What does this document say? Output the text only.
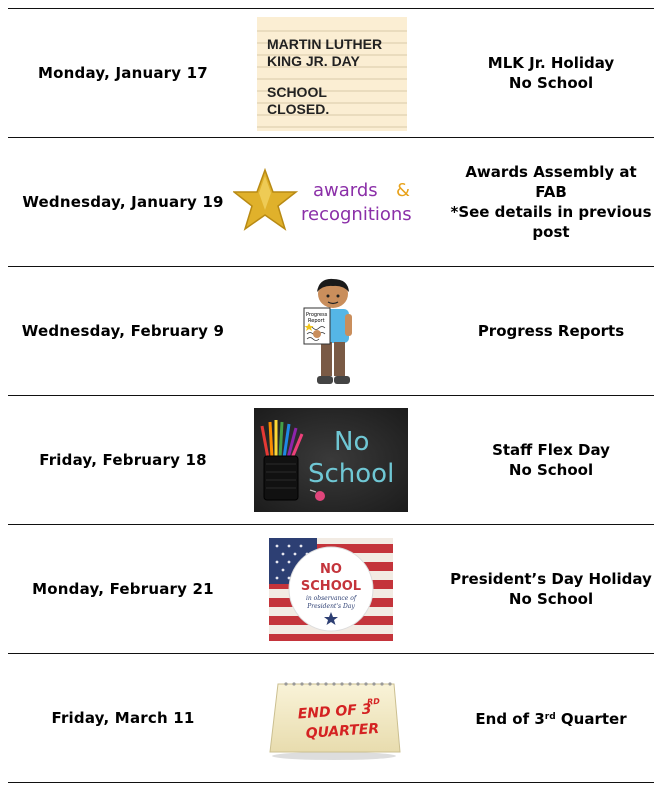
Monday, January 17
MARTIN LUTHER
KING JR. DAY
SCHOOL
CLOSED.
MLK Jr. Holiday
No School
Wednesday, January 19
awards &
recognitions
Awards Assembly at FAB
*See details in previous
post
Wednesday, February 9
Progress
Report
Progress Reports
Friday, February 18
No
School
Staff Flex Day
No School
Monday, February 21
NO
SCHOOL
in observance of
President's Day
President’s Day Holiday
No School
Friday, March 11	END OF 3
RD
QUARTER
End of 3rd Quarter
